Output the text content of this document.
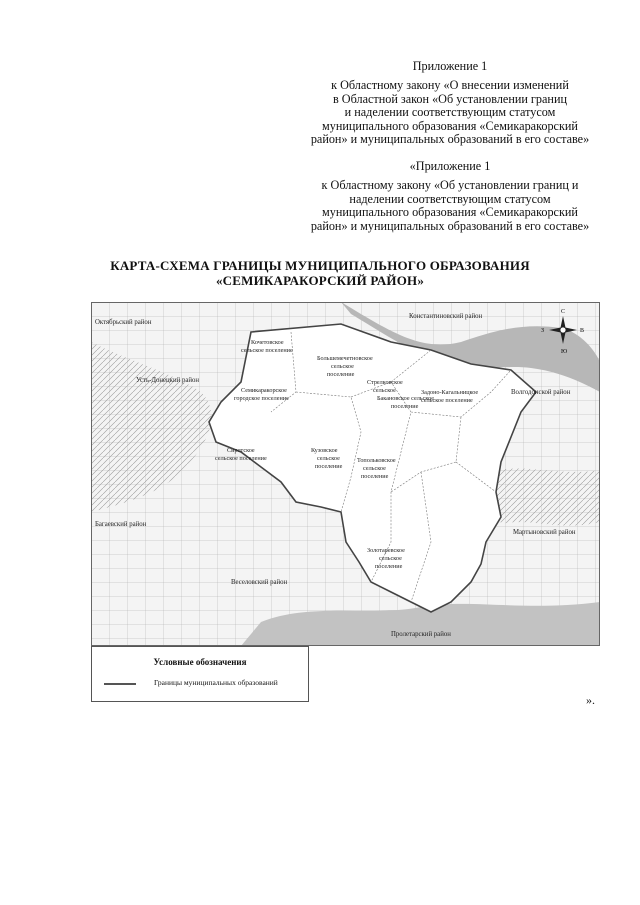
Приложение 1
к Областному закону «О внесении изменений
в Областной закон «Об установлении границ
и наделении соответствующим статусом
муниципального образования «Семикаракорский
район» и муниципальных образований в его составе»
«Приложение 1
к Областному закону «Об установлении границ и
наделении соответствующим статусом
муниципального образования «Семикаракорский
район» и муниципальных образований в его составе»
КАРТА-СХЕМА ГРАНИЦЫ МУНИЦИПАЛЬНОГО ОБРАЗОВАНИЯ
«СЕМИКАРАКОРСКИЙ РАЙОН»
С
Ю
З	В
Октябрьский район
Константиновский район
Усть-Донецкий район
Волгодонской район
Багаевский район
Мартыновский район
Веселовский район
Пролетарский район
Кочетовское сельское поселение
Большемечетновское сельское поселение
Семикаракорское городское поселение	Бакановское сельское поселение
Задоно-Кагальницкое сельское поселение
Стрелковское сельское
Сиротское сельское поселение
Кузовское сельское поселение
Топольковское сельское поселение
Золотаревское сельское поселение
Условные обозначения
Границы муниципальных образований
».
